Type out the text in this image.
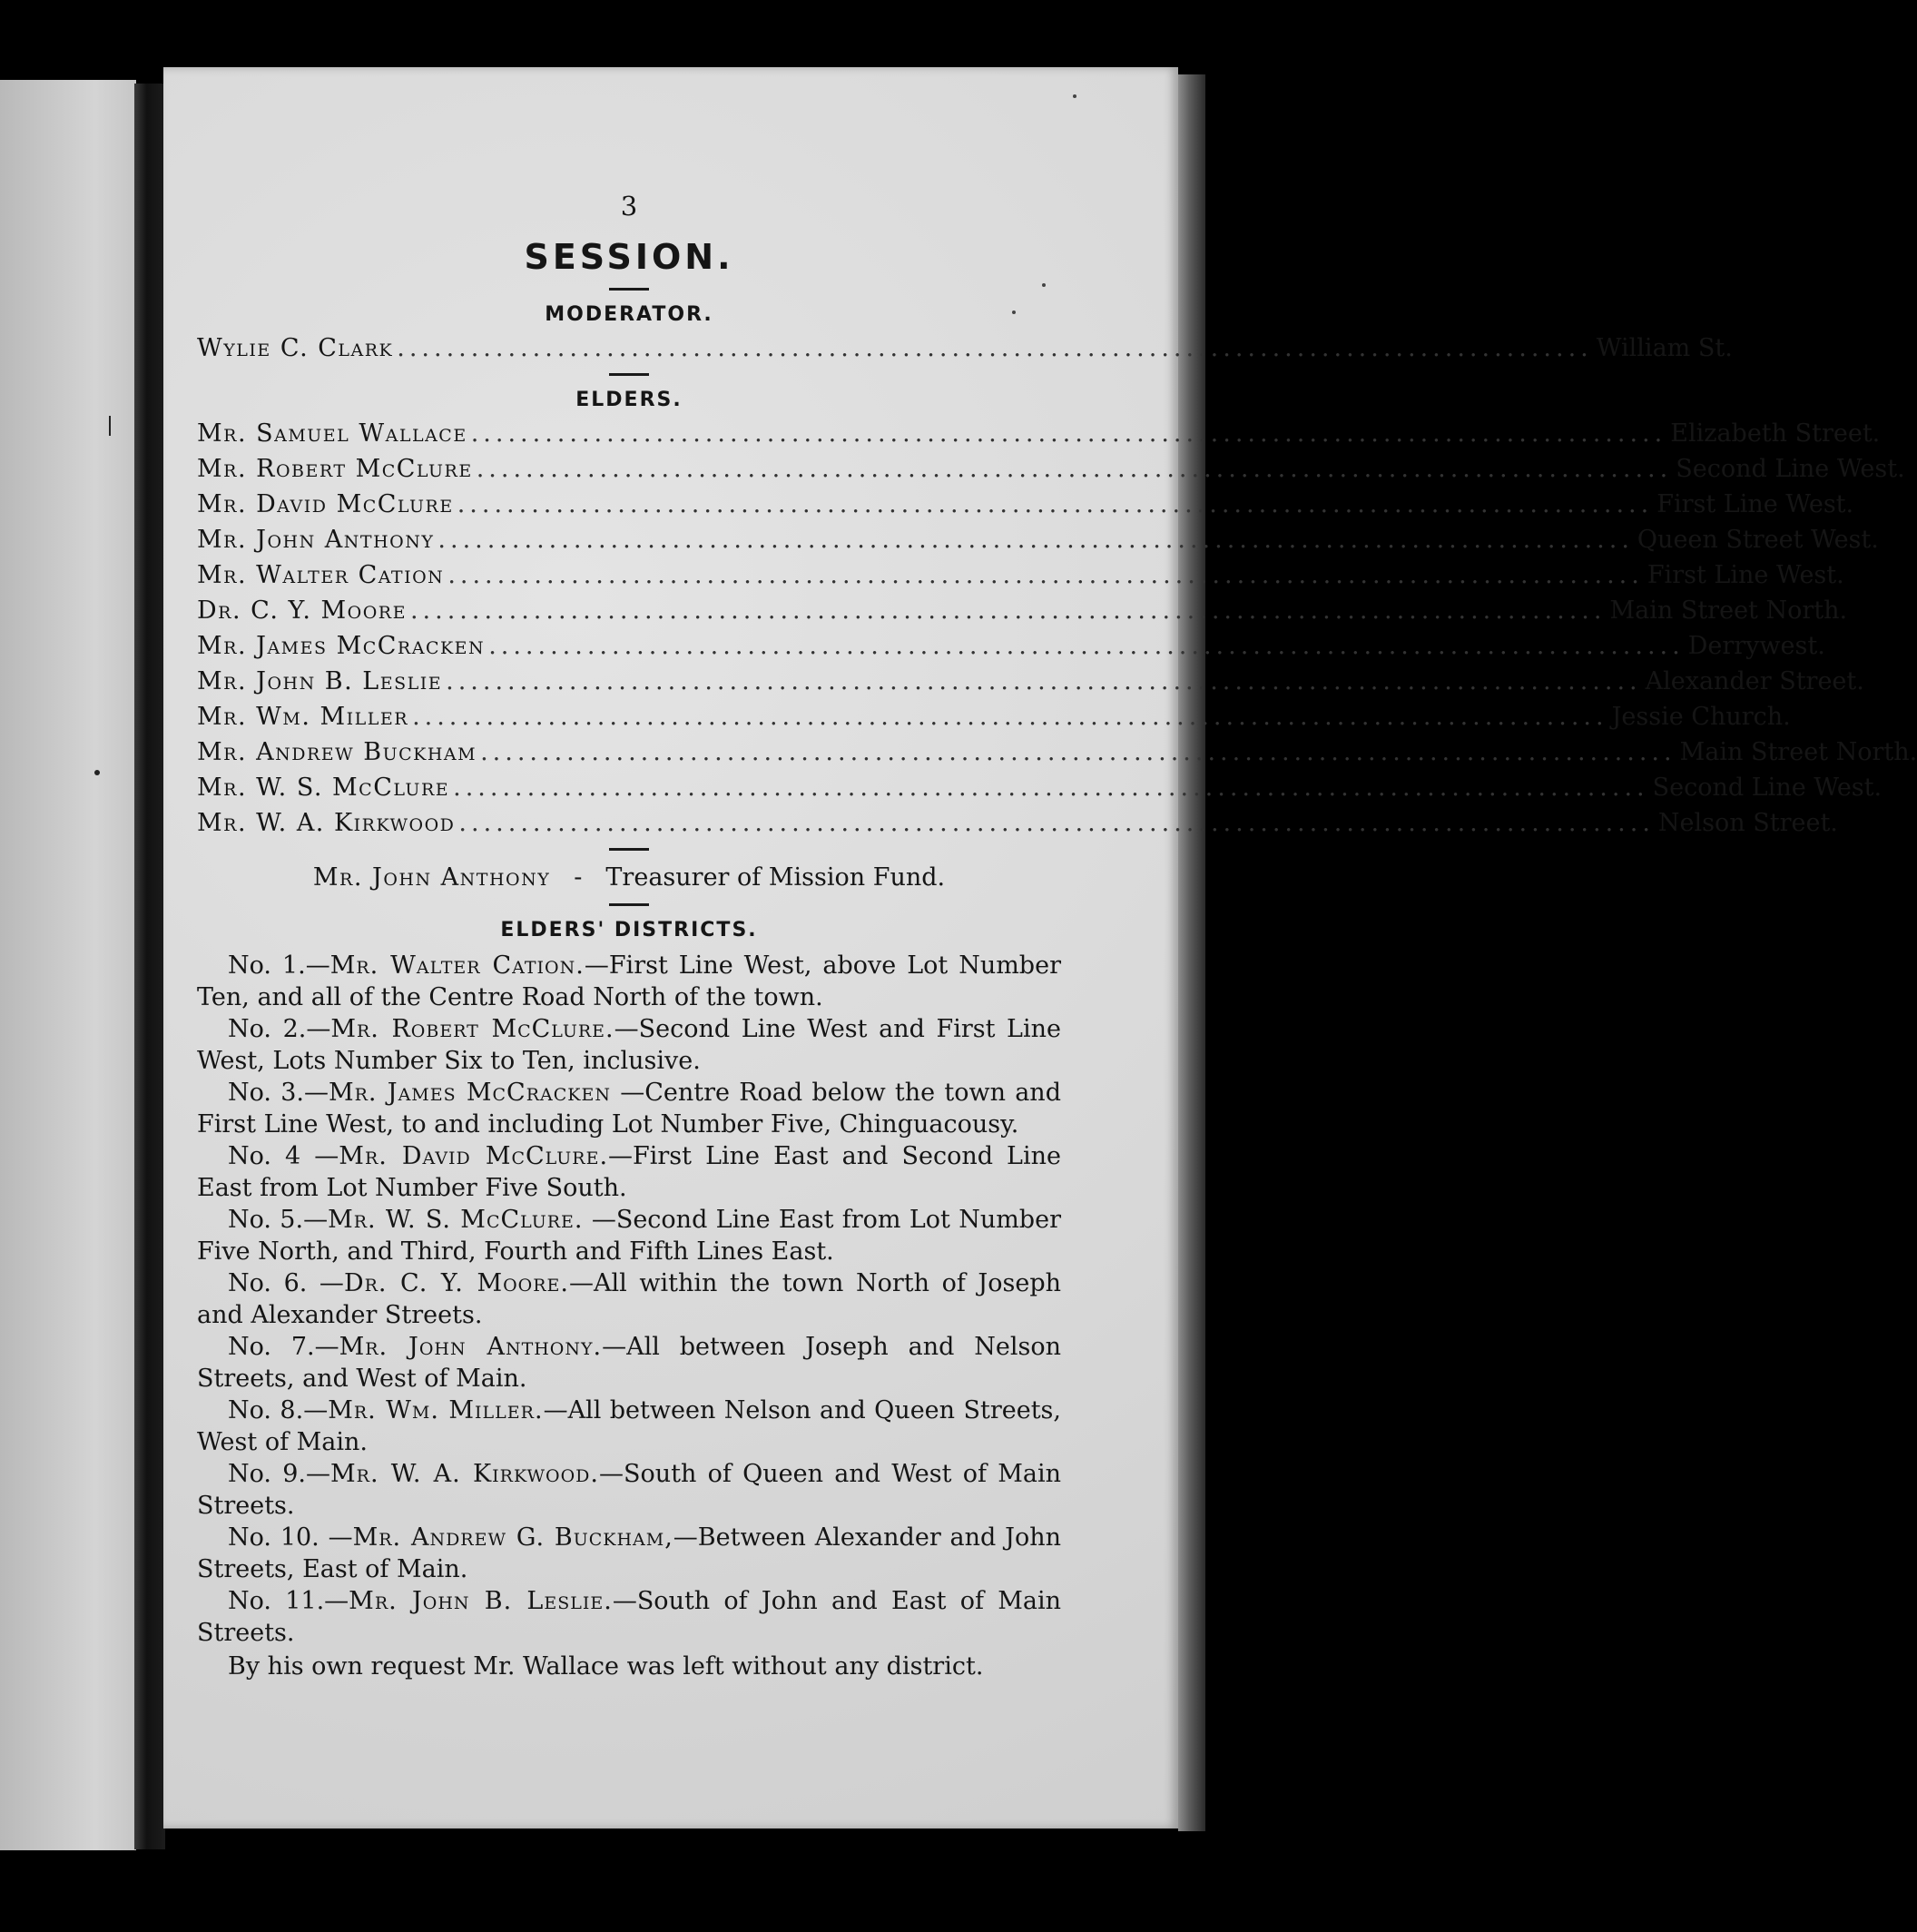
3
SESSION.
MODERATOR.
Wylie C. Clark ................................................................................................. William St.
ELDERS.
Mr. Samuel Wallace ................................................................................................. Elizabeth Street.
Mr. Robert McClure ................................................................................................. Second Line West.
Mr. David McClure ................................................................................................. First Line West.
Mr. John Anthony ................................................................................................. Queen Street West.
Mr. Walter Cation ................................................................................................. First Line West.
Dr. C. Y. Moore ................................................................................................. Main Street North.
Mr. James McCracken ................................................................................................. Derrywest.
Mr. John B. Leslie ................................................................................................. Alexander Street.
Mr. Wm. Miller ................................................................................................. Jessie Church.
Mr. Andrew Buckham ................................................................................................. Main Street North.
Mr. W. S. McClure ................................................................................................. Second Line West.
Mr. W. A. Kirkwood ................................................................................................. Nelson Street.
Mr. John Anthony - Treasurer of Mission Fund.
ELDERS' DISTRICTS.

No. 1.—Mr. Walter Cation.—First Line West, above Lot Number Ten, and all of the Centre Road North of the town.

No. 2.—Mr. Robert McClure.—Second Line West and First Line West, Lots Number Six to Ten, inclusive.

No. 3.—Mr. James McCracken —Centre Road below the town and First Line West, to and including Lot Number Five, Chinguacousy.

No. 4 —Mr. David McClure.—First Line East and Second Line East from Lot Number Five South.

No. 5.—Mr. W. S. McClure. —Second Line East from Lot Number Five North, and Third, Fourth and Fifth Lines East.

No. 6. —Dr. C. Y. Moore.—All within the town North of Joseph and Alexander Streets.

No. 7.—Mr. John Anthony.—All between Joseph and Nelson Streets, and West of Main.

No. 8.—Mr. Wm. Miller.—All between Nelson and Queen Streets, West of Main.

No. 9.—Mr. W. A. Kirkwood.—South of Queen and West of Main Streets.

No. 10. —Mr. Andrew G. Buckham,—Between Alexander and John Streets, East of Main.

No. 11.—Mr. John B. Leslie.—South of John and East of Main Streets.

By his own request Mr. Wallace was left without any district.
